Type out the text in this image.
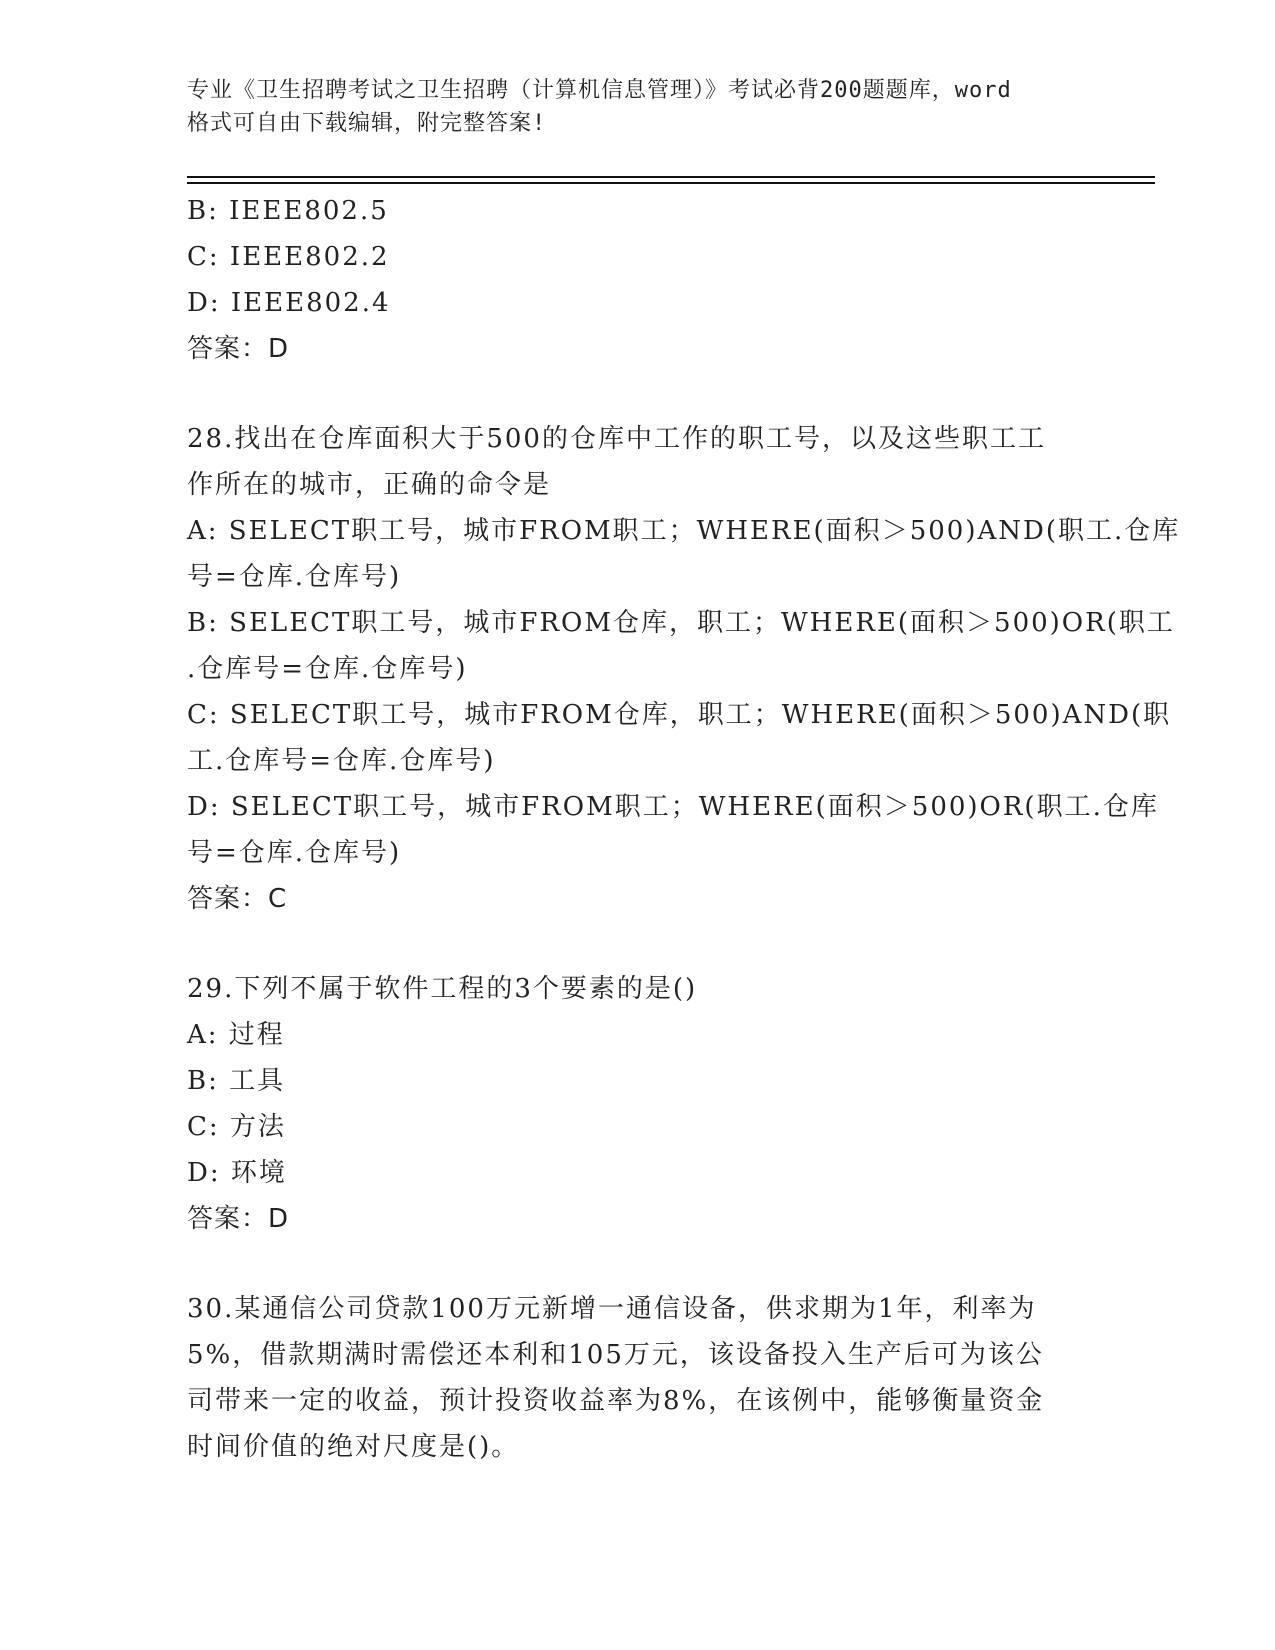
专业《卫生招聘考试之卫生招聘（计算机信息管理）》考试必背200题题库，word
格式可自由下载编辑，附完整答案!
B: IEEE802.5
C: IEEE802.2
D: IEEE802.4
答案：D
28.找出在仓库面积大于500的仓库中工作的职工号，以及这些职工工
作所在的城市，正确的命令是
A: SELECT职工号，城市FROM职工；WHERE(面积＞500)AND(职工.仓库
号=仓库.仓库号)
B: SELECT职工号，城市FROM仓库，职工；WHERE(面积＞500)OR(职工
.仓库号=仓库.仓库号)
C: SELECT职工号，城市FROM仓库，职工；WHERE(面积＞500)AND(职
工.仓库号=仓库.仓库号)
D: SELECT职工号，城市FROM职工；WHERE(面积＞500)OR(职工.仓库
号=仓库.仓库号)
答案：C
29.下列不属于软件工程的3个要素的是()
A: 过程
B: 工具
C: 方法
D: 环境
答案：D
30.某通信公司贷款100万元新增一通信设备，供求期为1年，利率为
5%，借款期满时需偿还本利和105万元，该设备投入生产后可为该公
司带来一定的收益，预计投资收益率为8%，在该例中，能够衡量资金
时间价值的绝对尺度是()。
